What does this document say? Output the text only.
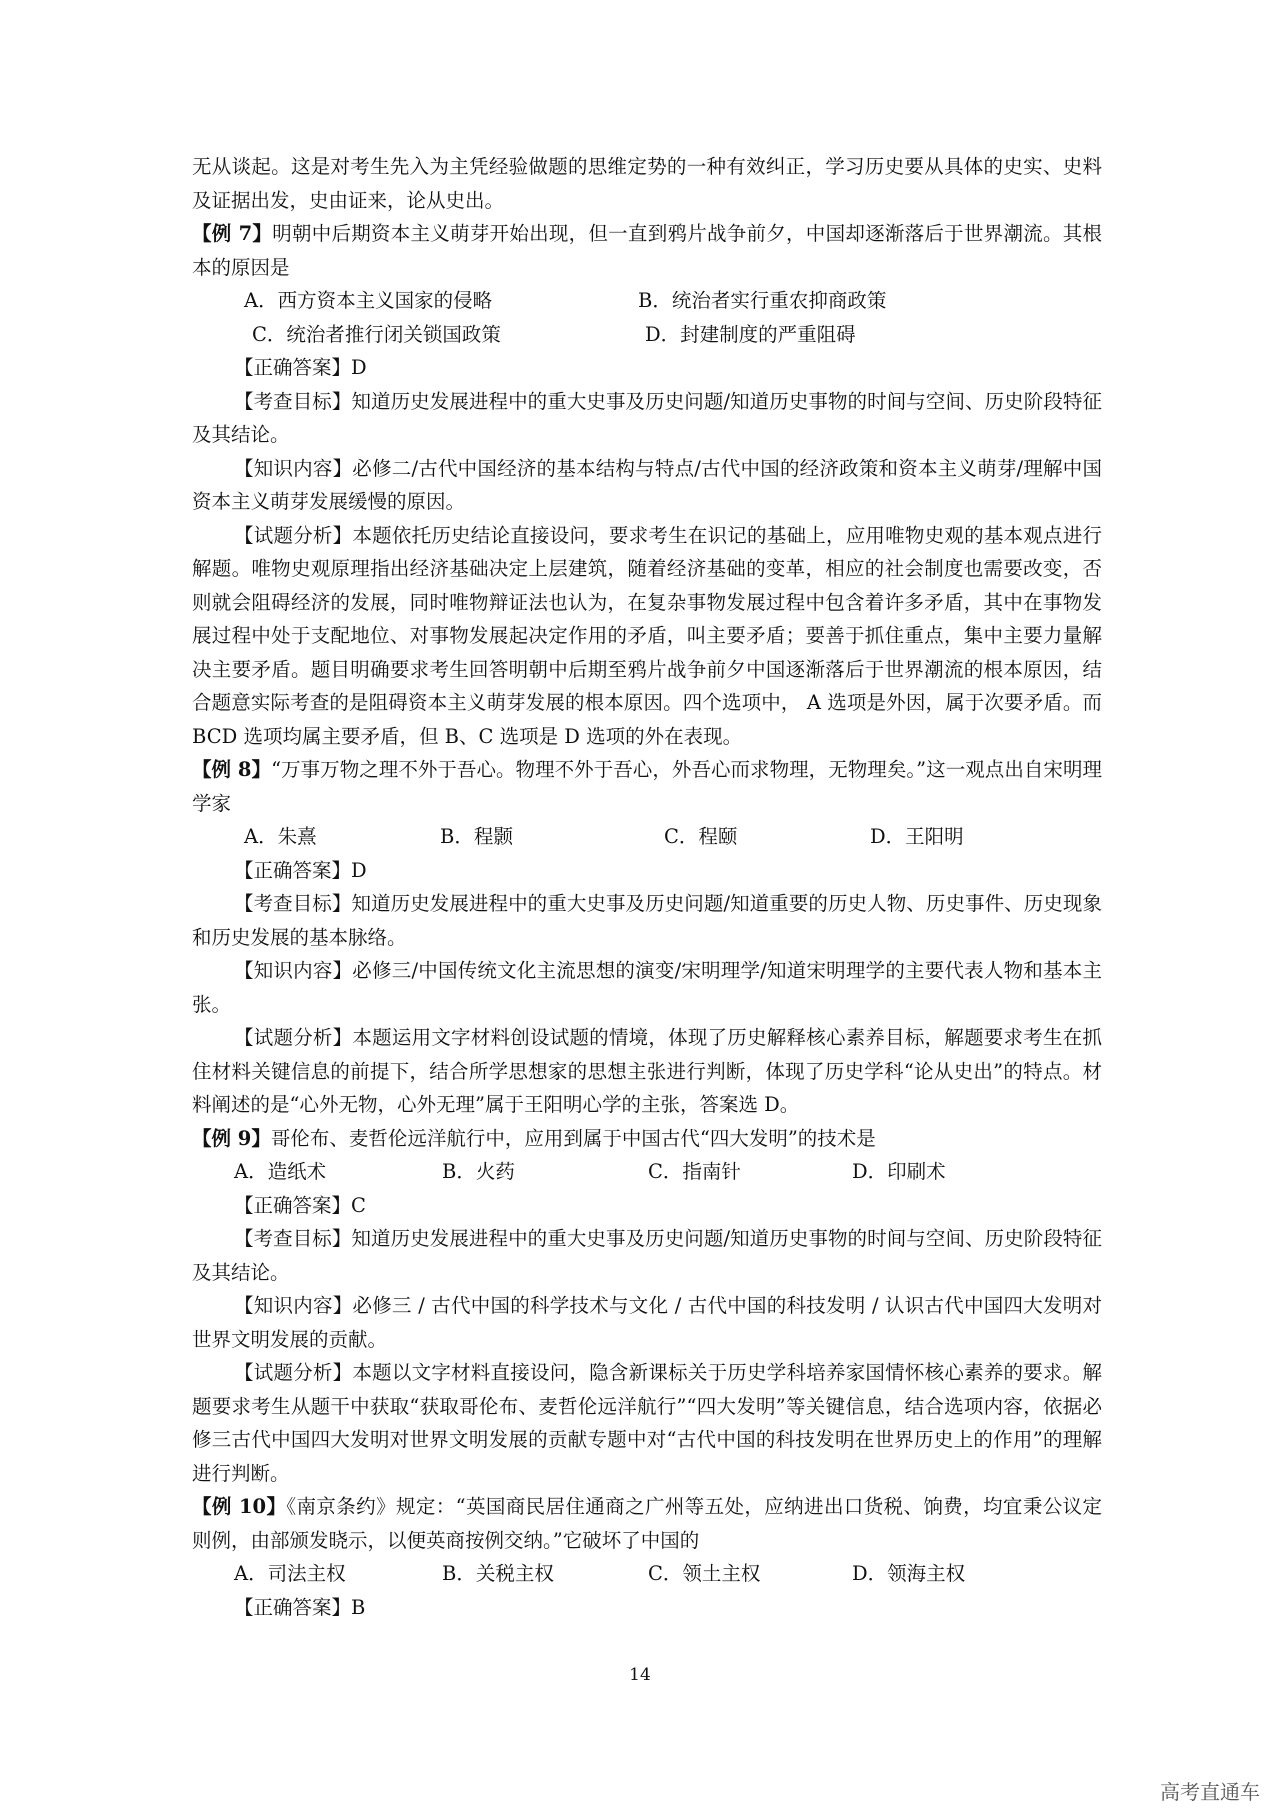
无从谈起。这是对考生先入为主凭经验做题的思维定势的一种有效纠正，学习历史要从具体的史实、史料及证据出发，史由证来，论从史出。

【例 7】明朝中后期资本主义萌芽开始出现，但一直到鸦片战争前夕，中国却逐渐落后于世界潮流。其根本的原因是

A．西方资本主义国家的侵略	B．统治者实行重农抑商政策
C．统治者推行闭关锁国政策	D．封建制度的严重阻碍

【正确答案】D

【考查目标】知道历史发展进程中的重大史事及历史问题/知道历史事物的时间与空间、历史阶段特征及其结论。

【知识内容】必修二/古代中国经济的基本结构与特点/古代中国的经济政策和资本主义萌芽/理解中国资本主义萌芽发展缓慢的原因。

【试题分析】本题依托历史结论直接设问，要求考生在识记的基础上，应用唯物史观的基本观点进行解题。唯物史观原理指出经济基础决定上层建筑，随着经济基础的变革，相应的社会制度也需要改变，否则就会阻碍经济的发展，同时唯物辩证法也认为，在复杂事物发展过程中包含着许多矛盾，其中在事物发展过程中处于支配地位、对事物发展起决定作用的矛盾，叫主要矛盾；要善于抓住重点，集中主要力量解决主要矛盾。题目明确要求考生回答明朝中后期至鸦片战争前夕中国逐渐落后于世界潮流的根本原因，结合题意实际考查的是阻碍资本主义萌芽发展的根本原因。四个选项中， A 选项是外因，属于次要矛盾。而 BCD 选项均属主要矛盾，但 B、C 选项是 D 选项的外在表现。

【例 8】“万事万物之理不外于吾心。物理不外于吾心，外吾心而求物理，无物理矣。”这一观点出自宋明理学家

A．朱熹	B．程颢	C．程颐	D．王阳明

【正确答案】D

【考查目标】知道历史发展进程中的重大史事及历史问题/知道重要的历史人物、历史事件、历史现象和历史发展的基本脉络。

【知识内容】必修三/中国传统文化主流思想的演变/宋明理学/知道宋明理学的主要代表人物和基本主张。

【试题分析】本题运用文字材料创设试题的情境，体现了历史解释核心素养目标，解题要求考生在抓住材料关键信息的前提下，结合所学思想家的思想主张进行判断，体现了历史学科“论从史出”的特点。材料阐述的是“心外无物，心外无理”属于王阳明心学的主张，答案选 D。

【例 9】哥伦布、麦哲伦远洋航行中，应用到属于中国古代“四大发明”的技术是

A．造纸术	B．火药	C．指南针	D．印刷术

【正确答案】C

【考查目标】知道历史发展进程中的重大史事及历史问题/知道历史事物的时间与空间、历史阶段特征及其结论。

【知识内容】必修三 / 古代中国的科学技术与文化 / 古代中国的科技发明 / 认识古代中国四大发明对世界文明发展的贡献。

【试题分析】本题以文字材料直接设问，隐含新课标关于历史学科培养家国情怀核心素养的要求。解题要求考生从题干中获取“获取哥伦布、麦哲伦远洋航行”“四大发明”等关键信息，结合选项内容，依据必修三古代中国四大发明对世界文明发展的贡献专题中对“古代中国的科技发明在世界历史上的作用”的理解进行判断。

【例 10】《南京条约》规定：“英国商民居住通商之广州等五处，应纳进出口货税、饷费，均宜秉公议定则例，由部颁发晓示，以便英商按例交纳。”它破坏了中国的

A．司法主权	B．关税主权	C．领土主权	D．领海主权

【正确答案】B

14
高考直通车
